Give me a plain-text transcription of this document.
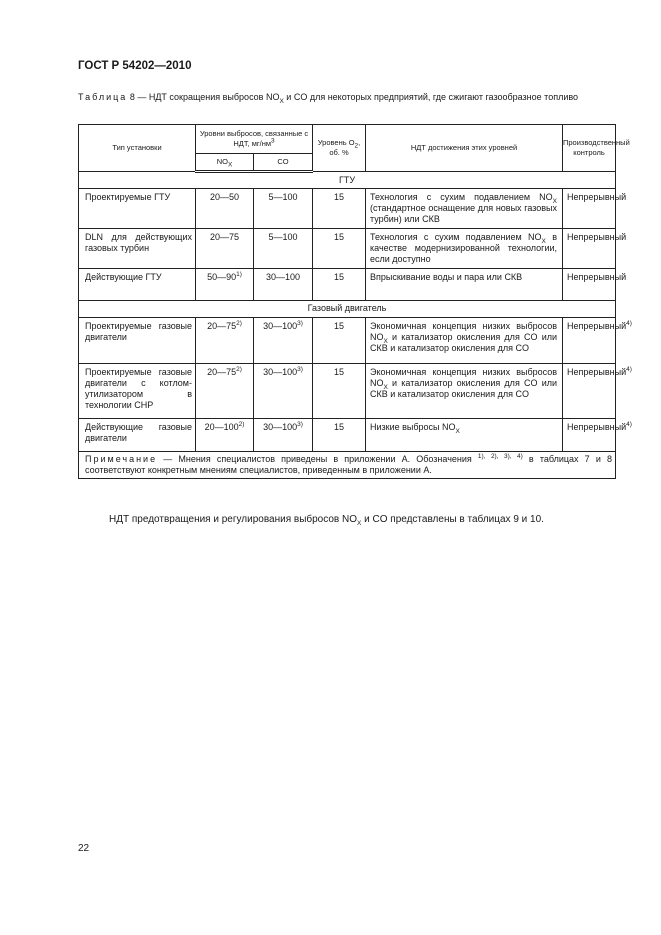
ГОСТ Р 54202—2010
Таблица 8 — НДТ сокращения выбросов $NO_X$ и CO для некоторых предприятий, где сжигают газообразное топливо
Тип установки	Уровни выбросов, связанные с НДТ, $мг/нм^3$		Уровень $O_2$, об. %	НДТ достижения этих уровней	Производственный контроль
	$NO_X$	CO			
ГТУ					
Проектируемые ГТУ	20—50	5—100	15	Технология с сухим подавлением $NO_X$ (стандартное оснащение для новых газовых турбин) или СКВ	Непрерывный
DLN для действующих газовых турбин	20—75	5—100	15	Технология с сухим подавлением $NO_X$ в качестве модернизированной технологии, если доступно	Непрерывный
Действующие ГТУ	50—90$^{1)}$	30—100	15	Впрыскивание воды и пара или СКВ	Непрерывный
Газовый двигатель					
Проектируемые газовые двигатели	20—75$^{2)}$	30—100$^{3)}$	15	Экономичная концепция низких выбросов $NO_X$ и катализатор окисления для CO или СКВ и катализатор окисления для CO	Непрерывный$^{4)}$
Проектируемые газовые двигатели с котлом-утилизатором в технологии CHP	20—75$^{2)}$	30—100$^{3)}$	15	Экономичная концепция низких выбросов $NO_X$ и катализатор окисления для CO или СКВ и катализатор окисления для CO	Непрерывный$^{4)}$
Действующие газовые двигатели	20—100$^{2)}$	30—100$^{3)}$	15	Низкие выбросы $NO_X$	Непрерывный$^{4)}$
Примечание — Мнения специалистов приведены в приложении А. Обозначения $^{1), 2), 3), 4)}$ в таблицах 7 и 8 соответствуют конкретным мнениям специалистов, приведенным в приложении А.					
НДТ предотвращения и регулирования выбросов $NO_X$ и CO представлены в таблицах 9 и 10.
22
